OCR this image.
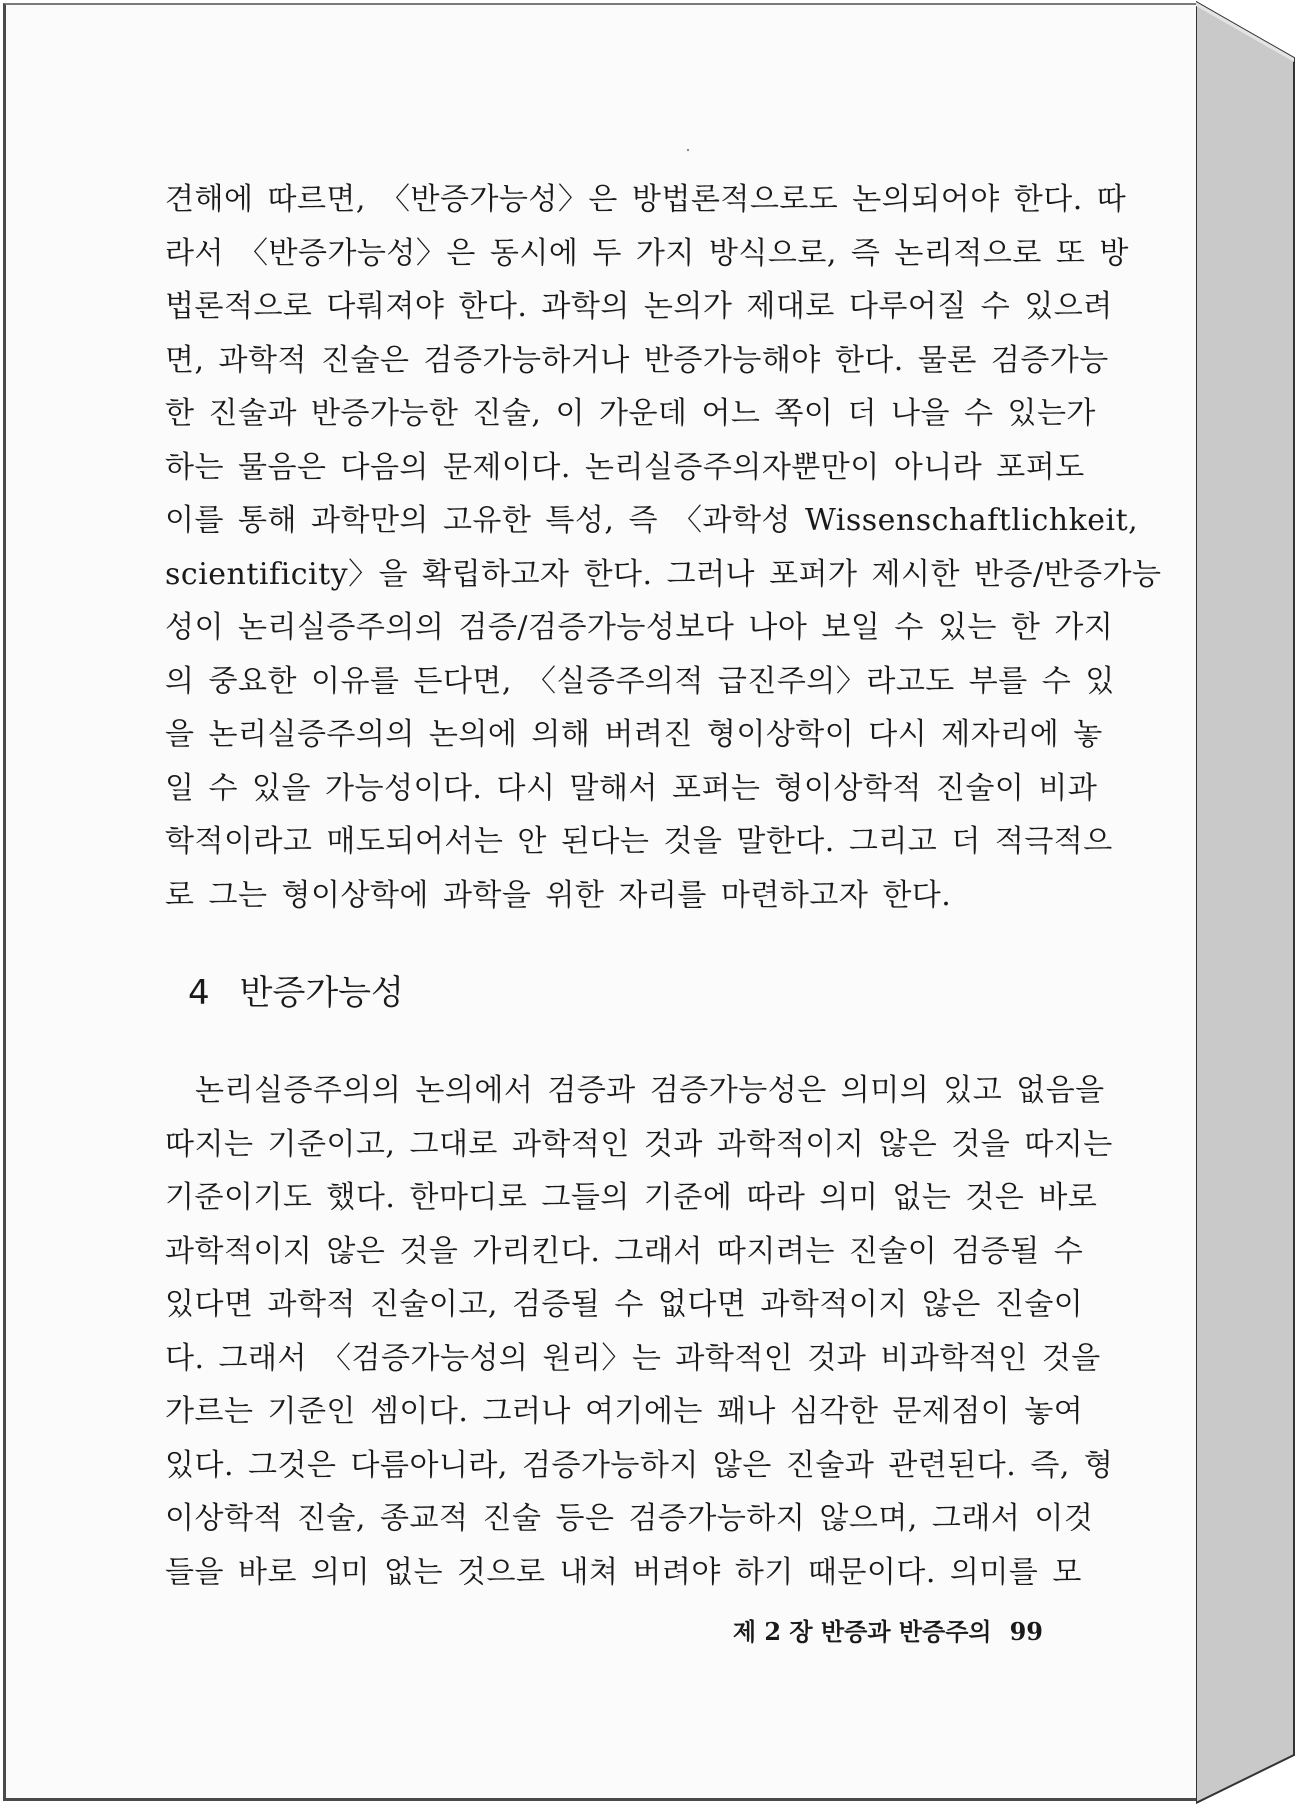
견해에 따르면, 〈반증가능성〉은 방법론적으로도 논의되어야 한다. 따
라서 〈반증가능성〉은 동시에 두 가지 방식으로, 즉 논리적으로 또 방
법론적으로 다뤄져야 한다. 과학의 논의가 제대로 다루어질 수 있으려
면, 과학적 진술은 검증가능하거나 반증가능해야 한다. 물론 검증가능
한 진술과 반증가능한 진술, 이 가운데 어느 쪽이 더 나을 수 있는가
하는 물음은 다음의 문제이다. 논리실증주의자뿐만이 아니라 포퍼도
이를 통해 과학만의 고유한 특성, 즉 〈과학성 Wissenschaftlichkeit,
scientificity〉을 확립하고자 한다. 그러나 포퍼가 제시한 반증/반증가능
성이 논리실증주의의 검증/검증가능성보다 나아 보일 수 있는 한 가지
의 중요한 이유를 든다면, 〈실증주의적 급진주의〉라고도 부를 수 있
을 논리실증주의의 논의에 의해 버려진 형이상학이 다시 제자리에 놓
일 수 있을 가능성이다. 다시 말해서 포퍼는 형이상학적 진술이 비과
학적이라고 매도되어서는 안 된다는 것을 말한다. 그리고 더 적극적으
로 그는 형이상학에 과학을 위한 자리를 마련하고자 한다.
4 반증가능성
논리실증주의의 논의에서 검증과 검증가능성은 의미의 있고 없음을
따지는 기준이고, 그대로 과학적인 것과 과학적이지 않은 것을 따지는
기준이기도 했다. 한마디로 그들의 기준에 따라 의미 없는 것은 바로
과학적이지 않은 것을 가리킨다. 그래서 따지려는 진술이 검증될 수
있다면 과학적 진술이고, 검증될 수 없다면 과학적이지 않은 진술이
다. 그래서 〈검증가능성의 원리〉는 과학적인 것과 비과학적인 것을
가르는 기준인 셈이다. 그러나 여기에는 꽤나 심각한 문제점이 놓여
있다. 그것은 다름아니라, 검증가능하지 않은 진술과 관련된다. 즉, 형
이상학적 진술, 종교적 진술 등은 검증가능하지 않으며, 그래서 이것
들을 바로 의미 없는 것으로 내쳐 버려야 하기 때문이다. 의미를 모
제 2 장 반증과 반증주의 99
